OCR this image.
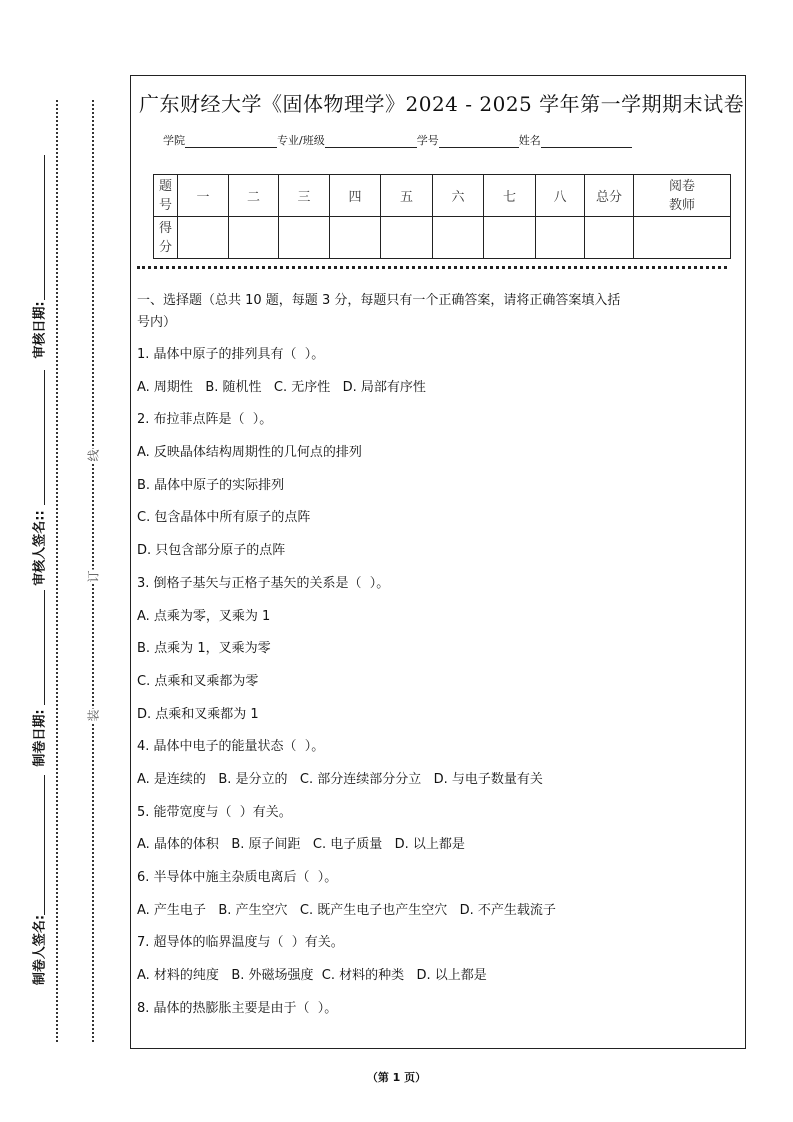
审核日期:
审核人签名::
制卷日期:
制卷人签名:
线
订
装
广东财经大学《固体物理学》2024 - 2025 学年第一学期期末试卷
学院	专业/班级	学号	姓名
题号	一	二	三	四	五	六	七	八	总分	阅卷教师
得分										
一、选择题（总共 10 题，每题 3 分，每题只有一个正确答案，请将正确答案填入括
号内）
1. 晶体中原子的排列具有（  ）。
A. 周期性   B. 随机性   C. 无序性   D. 局部有序性
2. 布拉菲点阵是（  ）。
A. 反映晶体结构周期性的几何点的排列
B. 晶体中原子的实际排列
C. 包含晶体中所有原子的点阵
D. 只包含部分原子的点阵
3. 倒格子基矢与正格子基矢的关系是（  ）。
A. 点乘为零，叉乘为 1
B. 点乘为 1，叉乘为零
C. 点乘和叉乘都为零
D. 点乘和叉乘都为 1
4. 晶体中电子的能量状态（  ）。
A. 是连续的   B. 是分立的   C. 部分连续部分分立   D. 与电子数量有关
5. 能带宽度与（  ）有关。
A. 晶体的体积   B. 原子间距   C. 电子质量   D. 以上都是
6. 半导体中施主杂质电离后（  ）。
A. 产生电子   B. 产生空穴   C. 既产生电子也产生空穴   D. 不产生载流子
7. 超导体的临界温度与（  ）有关。
A. 材料的纯度   B. 外磁场强度  C. 材料的种类   D. 以上都是
8. 晶体的热膨胀主要是由于（  ）。
（第 1 页）
